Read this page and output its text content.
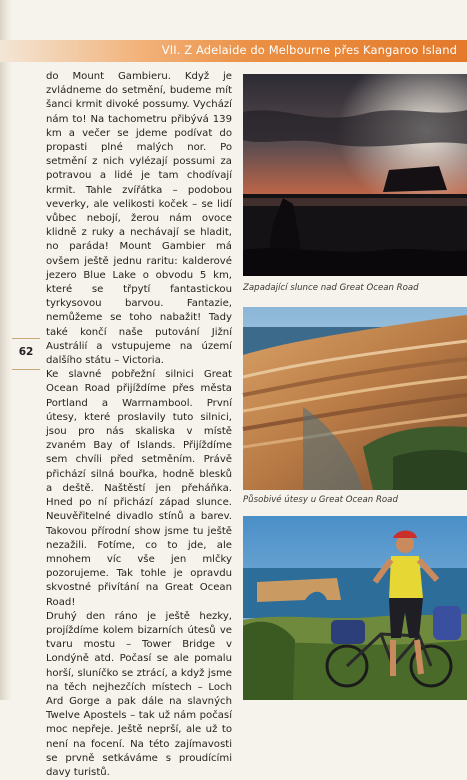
VII. Z Adelaide do Melbourne přes Kangaroo Island
62

do Mount Gambieru. Když je zvládneme do setmění, budeme mít šanci krmit divoké possumy. Vychází nám to! Na tachometru přibývá 139 km a večer se jdeme podívat do propasti plné malých nor. Po setmění z nich vylézají possumi za potravou a lidé je tam chodívají krmit. Tahle zvířátka – podobou veverky, ale velikosti koček – se lidí vůbec nebojí, žerou nám ovoce klidně z ruky a nechávají se hladit, no paráda! Mount Gambier má ovšem ještě jednu raritu: kalderové jezero Blue Lake o obvodu 5 km, které se třpytí fantastickou tyrkysovou barvou. Fantazie, nemůžeme se toho nabažit! Tady také končí naše putování Jižní Austrálií a vstupujeme na území dalšího státu – Victoria.

Ke slavné pobřežní silnici Great Ocean Road přijíždíme přes města Portland a Warrnambool. První útesy, které proslavily tuto silnici, jsou pro nás skaliska v místě zvaném Bay of Islands. Přijíždíme sem chvíli před setměním. Právě přichází silná bouřka, hodně blesků a deště. Naštěstí jen přeháňka. Hned po ní přichází západ slunce. Neuvěřitelné divadlo stínů a barev. Takovou přírodní show jsme tu ještě nezažili. Fotíme, co to jde, ale mnohem víc vše jen mlčky pozorujeme. Tak tohle je opravdu skvostné přivítání na Great Ocean Road!

Druhý den ráno je ještě hezky, projíždíme kolem bizarních útesů ve tvaru mostu – Tower Bridge v Londýně atd. Počasí se ale pomalu horší, sluníčko se ztrácí, a když jsme na těch nejhezčích místech – Loch Ard Gorge a pak dále na slavných Twelve Apostels – tak už nám počasí moc nepřeje. Ještě neprší, ale už to není na focení. Na této zajímavosti se prvně setkáváme s proudícími davy turistů.

Zapadající slunce nad Great Ocean Road
Působivé útesy u Great Ocean Road
